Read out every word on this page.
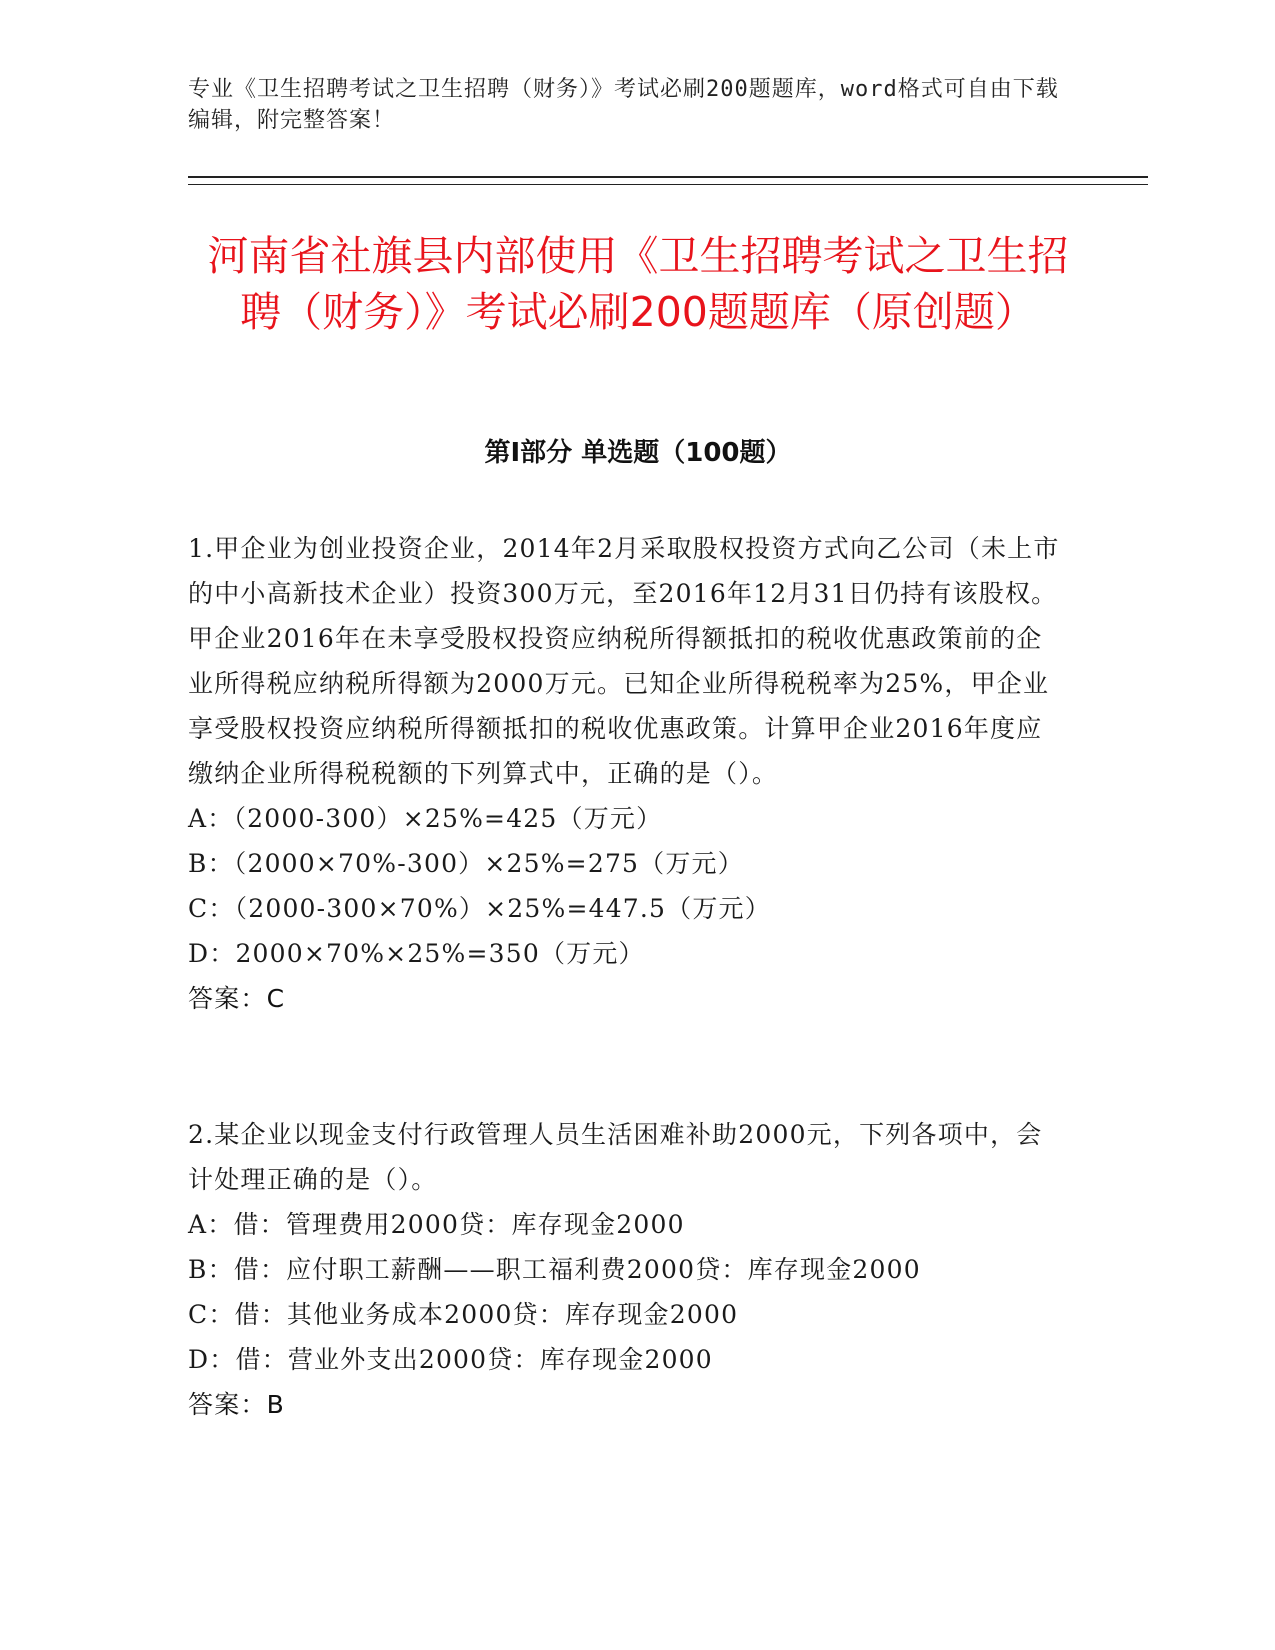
专业《卫生招聘考试之卫生招聘（财务）》考试必刷200题题库，word格式可自由下载编辑，附完整答案！
河南省社旗县内部使用《卫生招聘考试之卫生招聘（财务）》考试必刷200题题库（原创题）
第Ⅰ部分 单选题（100题）

1.甲企业为创业投资企业，2014年2月采取股权投资方式向乙公司（未上市的中小高新技术企业）投资300万元，至2016年12月31日仍持有该股权。甲企业2016年在未享受股权投资应纳税所得额抵扣的税收优惠政策前的企业所得税应纳税所得额为2000万元。已知企业所得税税率为25%，甲企业享受股权投资应纳税所得额抵扣的税收优惠政策。计算甲企业2016年度应缴纳企业所得税税额的下列算式中，正确的是（）。

A：（2000-300）×25%=425（万元）

B：（2000×70%-300）×25%=275（万元）

C：（2000-300×70%）×25%=447.5（万元）

D：2000×70%×25%=350（万元）

答案：C

2.某企业以现金支付行政管理人员生活困难补助2000元，下列各项中，会计处理正确的是（）。

A：借：管理费用2000贷：库存现金2000

B：借：应付职工薪酬——职工福利费2000贷：库存现金2000

C：借：其他业务成本2000贷：库存现金2000

D：借：营业外支出2000贷：库存现金2000

答案：B
